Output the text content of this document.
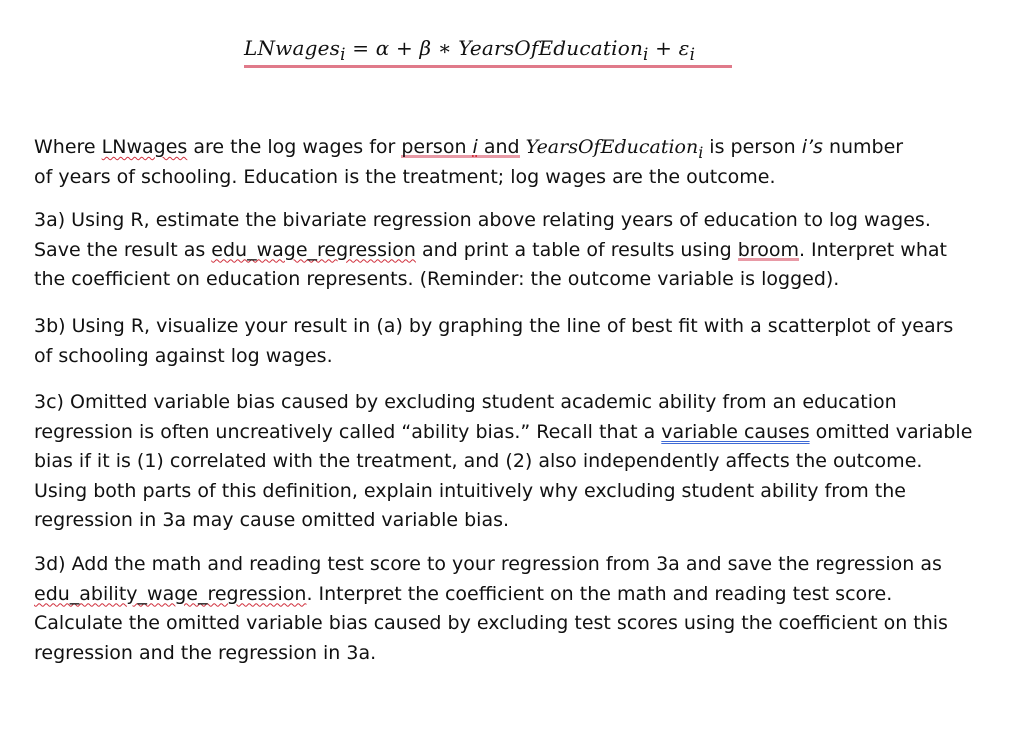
LNwages$_i$ = α + β ∗ YearsOfEducation$_i$ + $\varepsilon_i$
Where LNwages are the log wages for person i and YearsOfEducation$_i$ is person i’s number
of years of schooling. Education is the treatment; log wages are the outcome.
3a) Using R, estimate the bivariate regression above relating years of education to log wages.
Save the result as edu_wage_regression and print a table of results using broom. Interpret what
the coefficient on education represents. (Reminder: the outcome variable is logged).
3b) Using R, visualize your result in (a) by graphing the line of best fit with a scatterplot of years
of schooling against log wages.
3c) Omitted variable bias caused by excluding student academic ability from an education
regression is often uncreatively called “ability bias.” Recall that a variable causes omitted variable
bias if it is (1) correlated with the treatment, and (2) also independently affects the outcome.
Using both parts of this definition, explain intuitively why excluding student ability from the
regression in 3a may cause omitted variable bias.
3d) Add the math and reading test score to your regression from 3a and save the regression as
edu_ability_wage_regression. Interpret the coefficient on the math and reading test score.
Calculate the omitted variable bias caused by excluding test scores using the coefficient on this
regression and the regression in 3a.
